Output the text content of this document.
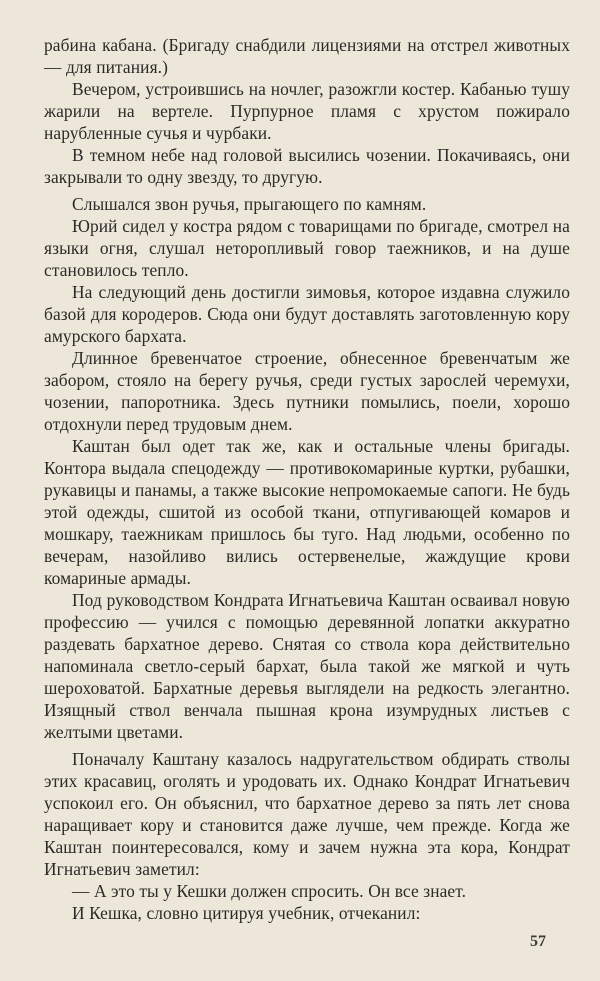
рабина кабана. (Бригаду снабдили лицензиями на отстрел животных — для питания.)

Вечером, устроившись на ночлег, разожгли костер. Кабанью тушу жарили на вертеле. Пурпурное пламя с хрустом пожирало нарубленные сучья и чурбаки.

В темном небе над головой высились чозении. Покачиваясь, они закрывали то одну звезду, то другую.

Слышался звон ручья, прыгающего по камням.

Юрий сидел у костра рядом с товарищами по бригаде, смотрел на языки огня, слушал неторопливый говор таежников, и на душе становилось тепло.

На следующий день достигли зимовья, которое издавна служило базой для кородеров. Сюда они будут доставлять заготовленную кору амурского бархата.

Длинное бревенчатое строение, обнесенное бревенчатым же забором, стояло на берегу ручья, среди густых зарослей черемухи, чозении, папоротника. Здесь путники помылись, поели, хорошо отдохнули перед трудовым днем.

Каштан был одет так же, как и остальные члены бригады. Контора выдала спецодежду — противокомариные куртки, рубашки, рукавицы и панамы, а также высокие непромокаемые сапоги. Не будь этой одежды, сшитой из особой ткани, отпугивающей комаров и мошкару, таежникам пришлось бы туго. Над людьми, особенно по вечерам, назойливо вились остервенелые, жаждущие крови комариные армады.

Под руководством Кондрата Игнатьевича Каштан осваивал новую профессию — учился с помощью деревянной лопатки аккуратно раздевать бархатное дерево. Снятая со ствола кора действительно напоминала светло-серый бархат, была такой же мягкой и чуть шероховатой. Бархатные деревья выглядели на редкость элегантно. Изящный ствол венчала пышная крона изумрудных листьев с желтыми цветами.

Поначалу Каштану казалось надругательством обдирать стволы этих красавиц, оголять и уродовать их. Однако Кондрат Игнатьевич успокоил его. Он объяснил, что бархатное дерево за пять лет снова наращивает кору и становится даже лучше, чем прежде. Когда же Каштан поинтересовался, кому и зачем нужна эта кора, Кондрат Игнатьевич заметил:

— А это ты у Кешки должен спросить. Он все знает.

И Кешка, словно цитируя учебник, отчеканил:

57
